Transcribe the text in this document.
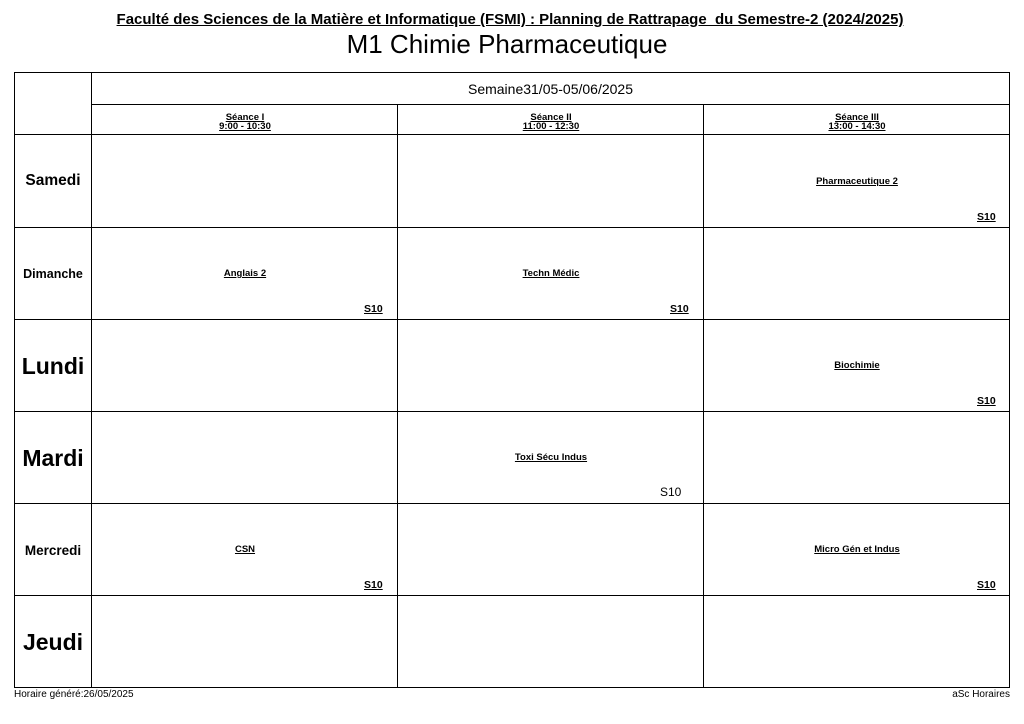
Faculté des Sciences de la Matière et Informatique (FSMI) : Planning de Rattrapage  du Semestre-2 (2024/2025)
M1 Chimie Pharmaceutique
Semaine31/05-05/06/2025
Séance I
9:00 - 10:30
Séance II
11:00 - 12:30
Séance III
13:00 - 14:30
Samedi
Dimanche
Lundi
Mardi
Mercredi
Jeudi
Pharmaceutique 2
S10
Anglais 2
S10
Techn Médic
S10
Biochimie
S10
Toxi Sécu Indus
S10
CSN
S10
Micro Gén et Indus
S10
Horaire généré:26/05/2025	aSc Horaires
